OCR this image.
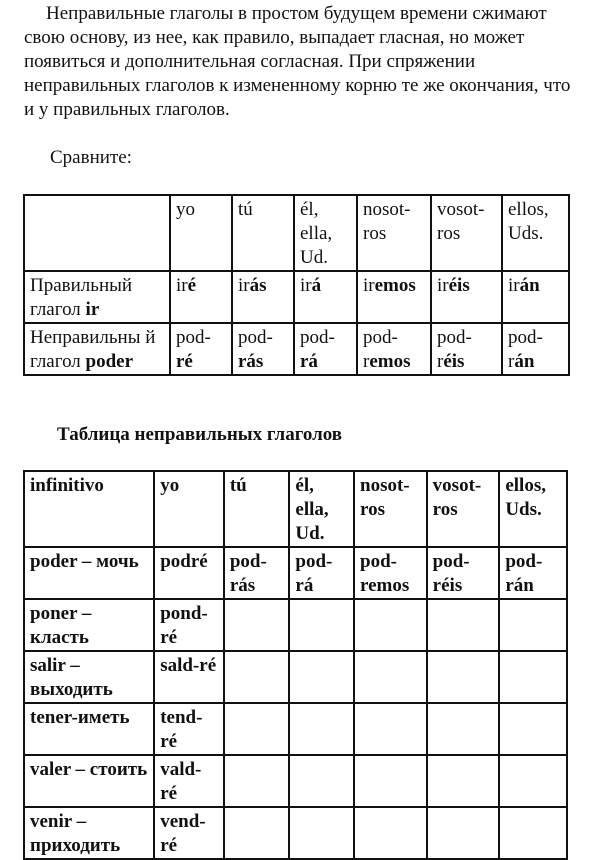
Неправильные глаголы в простом будущем времени сжимают свою основу, из нее, как правило, выпадает гласная, но может появиться и дополнительная согласная. При спряжении неправильных глаголов к измененному корню те же окончания, что и у правильных глаголов.

Сравните:

	yo	tú	él, ella, Ud.	nosot-ros	vosot-ros	ellos, Uds.
Правильный глагол ir	iré	irás	irá	iremos	iréis	irán
Неправильны й глагол poder	pod-ré	pod-rás	pod-rá	pod-remos	pod-réis	pod-rán

Таблица неправильных глаголов

infinitivo	yo	tú	él, ella, Ud.	nosot-ros	vosot-ros	ellos, Uds.
poder – мочь	podré	pod-rás	pod-rá	pod-remos	pod-réis	pod-rán
poner – класть	pond-ré					
salir – выходить	sald-ré					
tener-иметь	tend-ré					
valer – стоить	vald-ré					
venir – приходить	vend-ré					
